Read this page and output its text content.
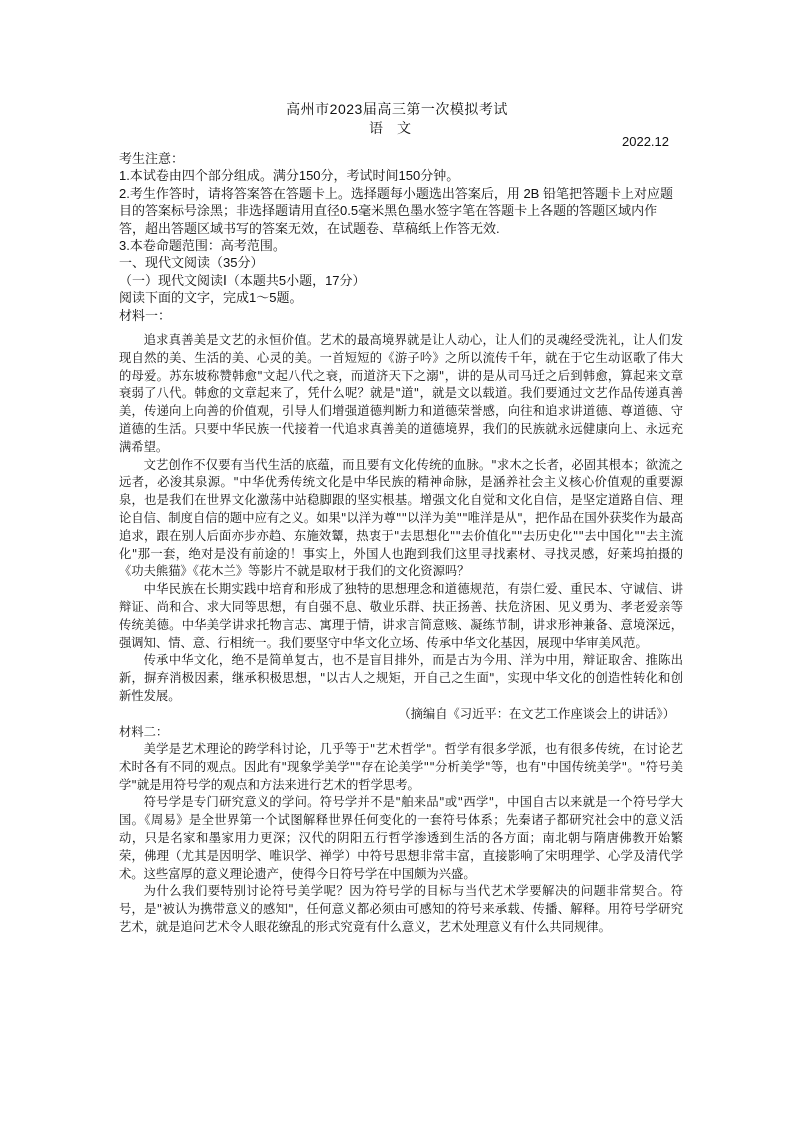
高州市2023届高三第一次模拟考试
语文
2022.12

考生注意：

1.本试卷由四个部分组成。满分150分，考试时间150分钟。

2.考生作答时，请将答案答在答题卡上。选择题每小题选出答案后，用 2B 铅笔把答题卡上对应题目的答案标号涂黑；非选择题请用直径0.5毫米黑色墨水签字笔在答题卡上各题的答题区域内作答，超出答题区域书写的答案无效，在试题卷、草稿纸上作答无效.

3.本卷命题范围：高考范围。

一、现代文阅读（35分）

（一）现代文阅读Ⅰ（本题共5小题，17分）

阅读下面的文字，完成1～5题。

材料一：

追求真善美是文艺的永恒价值。艺术的最高境界就是让人动心，让人们的灵魂经受洗礼，让人们发现自然的美、生活的美、心灵的美。一首短短的《游子吟》之所以流传千年，就在于它生动讴歌了伟大的母爱。苏东坡称赞韩愈"文起八代之衰，而道济天下之溺"，讲的是从司马迁之后到韩愈，算起来文章衰弱了八代。韩愈的文章起来了，凭什么呢？就是"道"，就是文以载道。我们要通过文艺作品传递真善美，传递向上向善的价值观，引导人们增强道德判断力和道德荣誉感，向往和追求讲道德、尊道德、守道德的生活。只要中华民族一代接着一代追求真善美的道德境界，我们的民族就永远健康向上、永远充满希望。

文艺创作不仅要有当代生活的底蕴，而且要有文化传统的血脉。"求木之长者，必固其根本；欲流之远者，必浚其泉源。"中华优秀传统文化是中华民族的精神命脉，是涵养社会主义核心价值观的重要源泉，也是我们在世界文化激荡中站稳脚跟的坚实根基。增强文化自觉和文化自信，是坚定道路自信、理论自信、制度自信的题中应有之义。如果"以洋为尊""以洋为美""唯洋是从"，把作品在国外获奖作为最高追求，跟在别人后面亦步亦趋、东施效颦，热衷于"去思想化""去价值化""去历史化""去中国化""去主流化"那一套，绝对是没有前途的！事实上，外国人也跑到我们这里寻找素材、寻找灵感，好莱坞拍摄的《功夫熊猫》《花木兰》等影片不就是取材于我们的文化资源吗？

中华民族在长期实践中培育和形成了独特的思想理念和道德规范，有崇仁爱、重民本、守诚信、讲辩证、尚和合、求大同等思想，有自强不息、敬业乐群、扶正扬善、扶危济困、见义勇为、孝老爱亲等传统美德。中华美学讲求托物言志、寓理于情，讲求言简意赅、凝练节制，讲求形神兼备、意境深远，强调知、情、意、行相统一。我们要坚守中华文化立场、传承中华文化基因，展现中华审美风范。

传承中华文化，绝不是简单复古，也不是盲目排外，而是古为今用、洋为中用，辩证取舍、推陈出新，摒弃消极因素，继承积极思想，"以古人之规矩，开自己之生面"，实现中华文化的创造性转化和创新性发展。

（摘编自《习近平：在文艺工作座谈会上的讲话》）

材料二：

美学是艺术理论的跨学科讨论，几乎等于"艺术哲学"。哲学有很多学派，也有很多传统，在讨论艺术时各有不同的观点。因此有"现象学美学""存在论美学""分析美学"等，也有"中国传统美学"。"符号美学"就是用符号学的观点和方法来进行艺术的哲学思考。

符号学是专门研究意义的学问。符号学并不是"舶来品"或"西学"，中国自古以来就是一个符号学大国。《周易》是全世界第一个试图解释世界任何变化的一套符号体系；先秦诸子都研究社会中的意义活动，只是名家和墨家用力更深；汉代的阴阳五行哲学渗透到生活的各方面；南北朝与隋唐佛教开始繁荣，佛理（尤其是因明学、唯识学、禅学）中符号思想非常丰富，直接影响了宋明理学、心学及清代学术。这些富厚的意义理论遗产，使得今日符号学在中国颇为兴盛。

为什么我们要特别讨论符号美学呢？因为符号学的目标与当代艺术学要解决的问题非常契合。符号，是"被认为携带意义的感知"，任何意义都必须由可感知的符号来承载、传播、解释。用符号学研究艺术，就是追问艺术令人眼花缭乱的形式究竟有什么意义，艺术处理意义有什么共同规律。
